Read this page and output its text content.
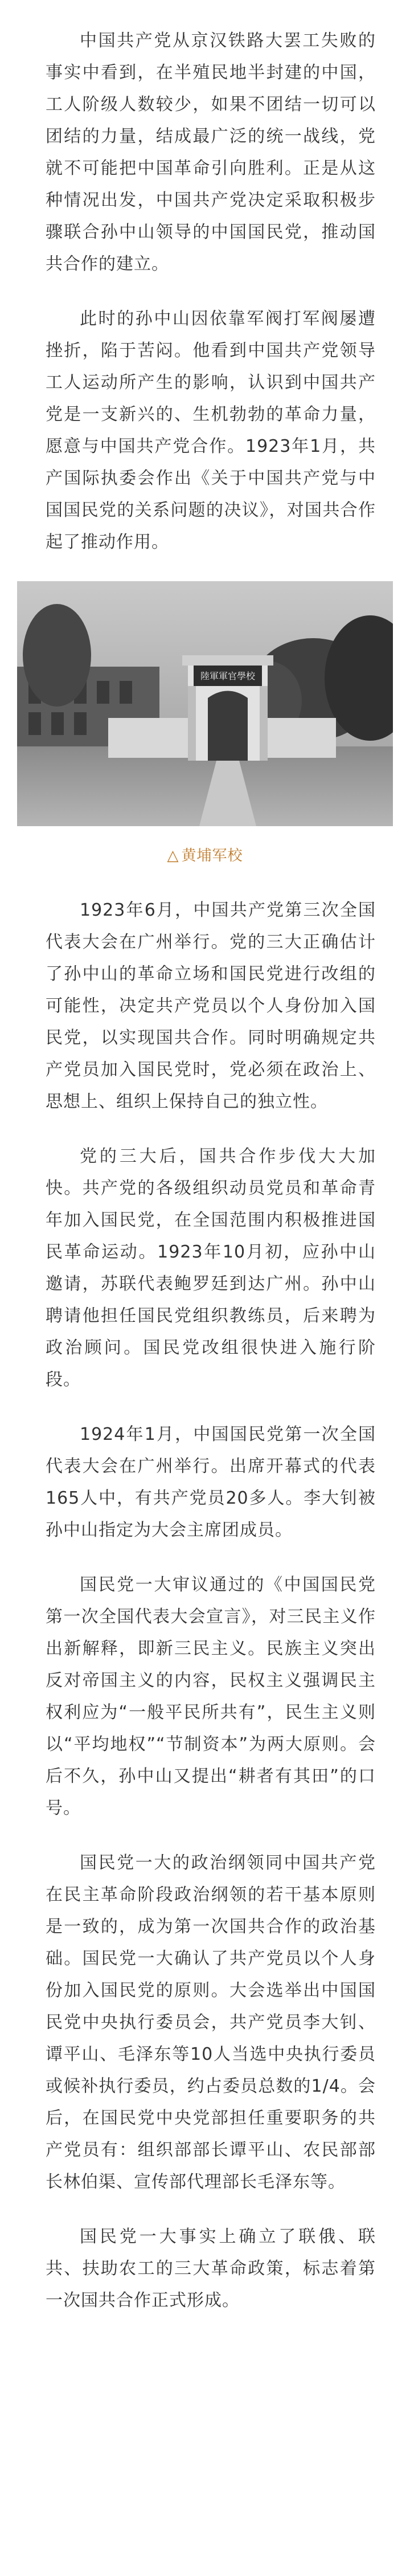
中国共产党从京汉铁路大罢工失败的事实中看到，在半殖民地半封建的中国，工人阶级人数较少，如果不团结一切可以团结的力量，结成最广泛的统一战线，党就不可能把中国革命引向胜利。正是从这种情况出发，中国共产党决定采取积极步骤联合孙中山领导的中国国民党，推动国共合作的建立。

此时的孙中山因依靠军阀打军阀屡遭挫折，陷于苦闷。他看到中国共产党领导工人运动所产生的影响，认识到中国共产党是一支新兴的、生机勃勃的革命力量，愿意与中国共产党合作。1923年1月，共产国际执委会作出《关于中国共产党与中国国民党的关系问题的决议》，对国共合作起了推动作用。

陸軍軍官學校
△ 黄埔军校

1923年6月，中国共产党第三次全国代表大会在广州举行。党的三大正确估计了孙中山的革命立场和国民党进行改组的可能性，决定共产党员以个人身份加入国民党，以实现国共合作。同时明确规定共产党员加入国民党时，党必须在政治上、思想上、组织上保持自己的独立性。

党的三大后，国共合作步伐大大加快。共产党的各级组织动员党员和革命青年加入国民党，在全国范围内积极推进国民革命运动。1923年10月初，应孙中山邀请，苏联代表鲍罗廷到达广州。孙中山聘请他担任国民党组织教练员，后来聘为政治顾问。国民党改组很快进入施行阶段。

1924年1月，中国国民党第一次全国代表大会在广州举行。出席开幕式的代表165人中，有共产党员20多人。李大钊被孙中山指定为大会主席团成员。

国民党一大审议通过的《中国国民党第一次全国代表大会宣言》，对三民主义作出新解释，即新三民主义。民族主义突出反对帝国主义的内容，民权主义强调民主权利应为“一般平民所共有”，民生主义则以“平均地权”“节制资本”为两大原则。会后不久，孙中山又提出“耕者有其田”的口号。

国民党一大的政治纲领同中国共产党在民主革命阶段政治纲领的若干基本原则是一致的，成为第一次国共合作的政治基础。国民党一大确认了共产党员以个人身份加入国民党的原则。大会选举出中国国民党中央执行委员会，共产党员李大钊、谭平山、毛泽东等10人当选中央执行委员或候补执行委员，约占委员总数的1/4。会后，在国民党中央党部担任重要职务的共产党员有：组织部部长谭平山、农民部部长林伯渠、宣传部代理部长毛泽东等。

国民党一大事实上确立了联俄、联共、扶助农工的三大革命政策，标志着第一次国共合作正式形成。
